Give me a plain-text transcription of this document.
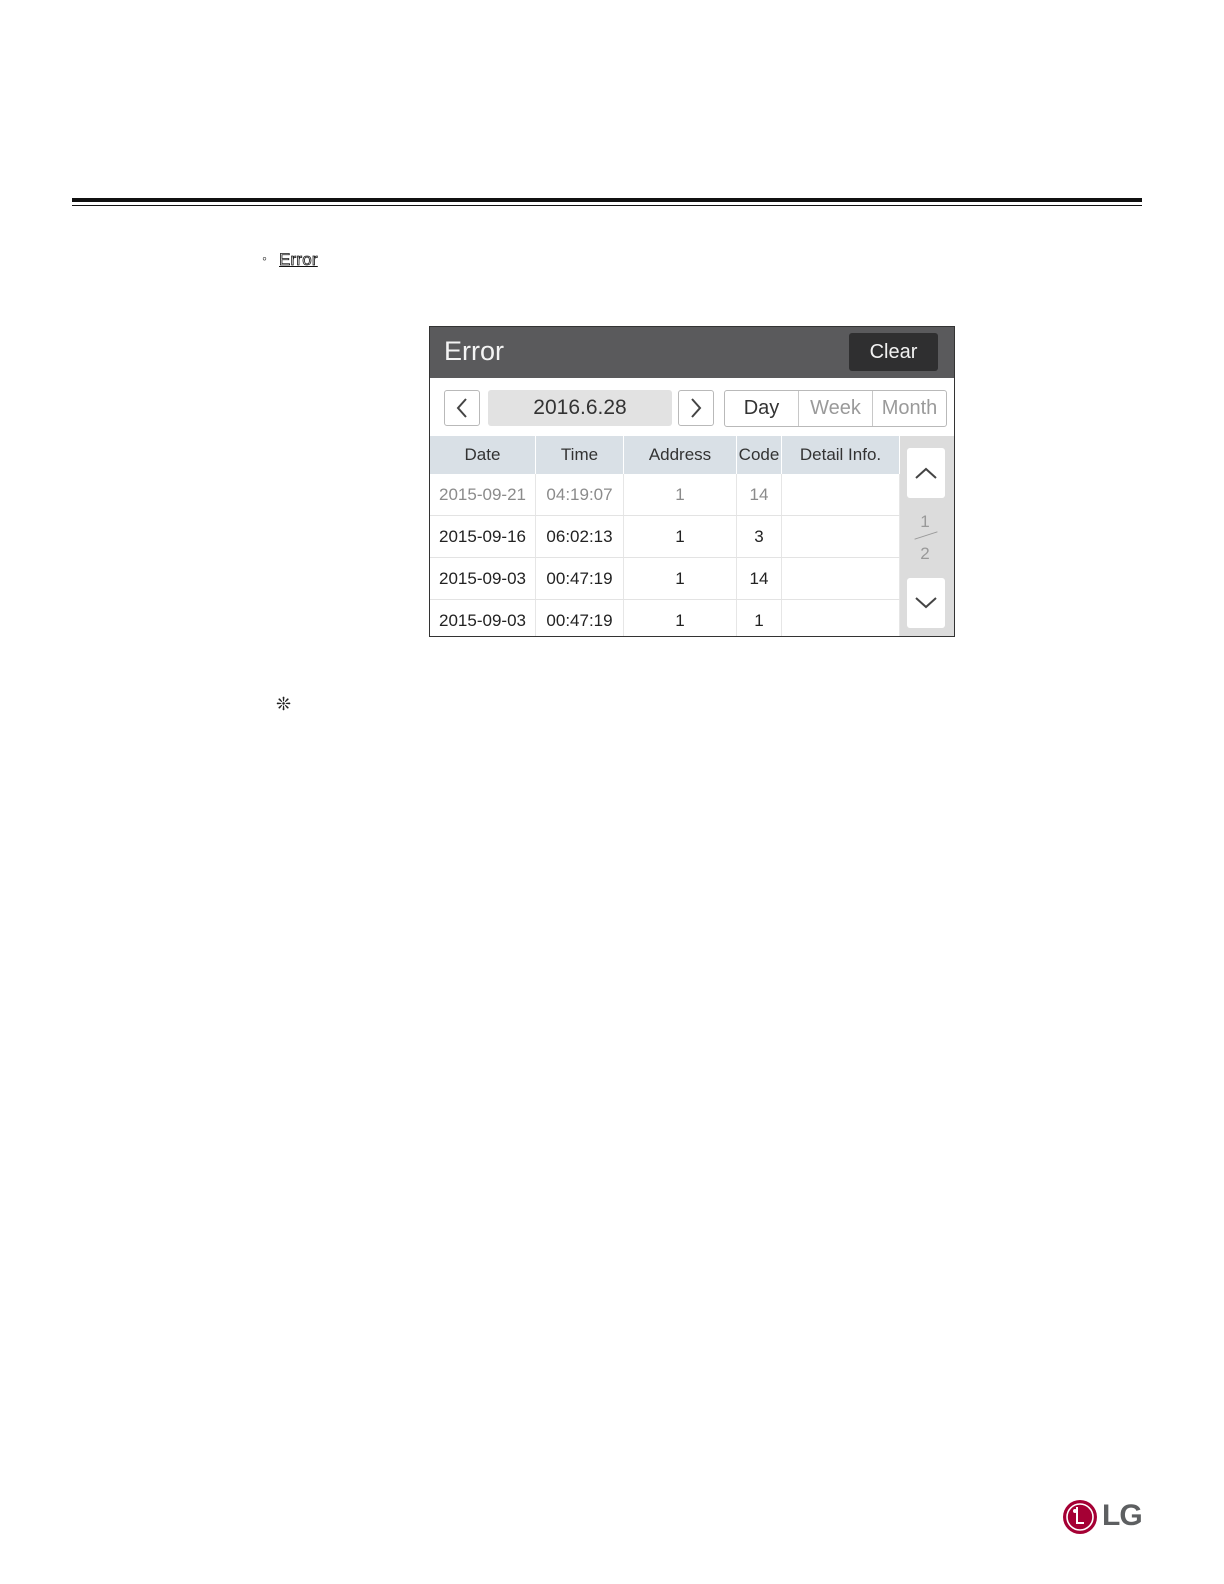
◦ Error
Error	Clear
2016.6.28	Day	Week	Month
Date	Time	Address	Code	Detail Info.
2015-09-21	04:19:07	1	14
2015-09-16	06:02:13	1	3
2015-09-03	00:47:19	1	14
2015-09-03	00:47:19	1	1
1
2
❊
LG
